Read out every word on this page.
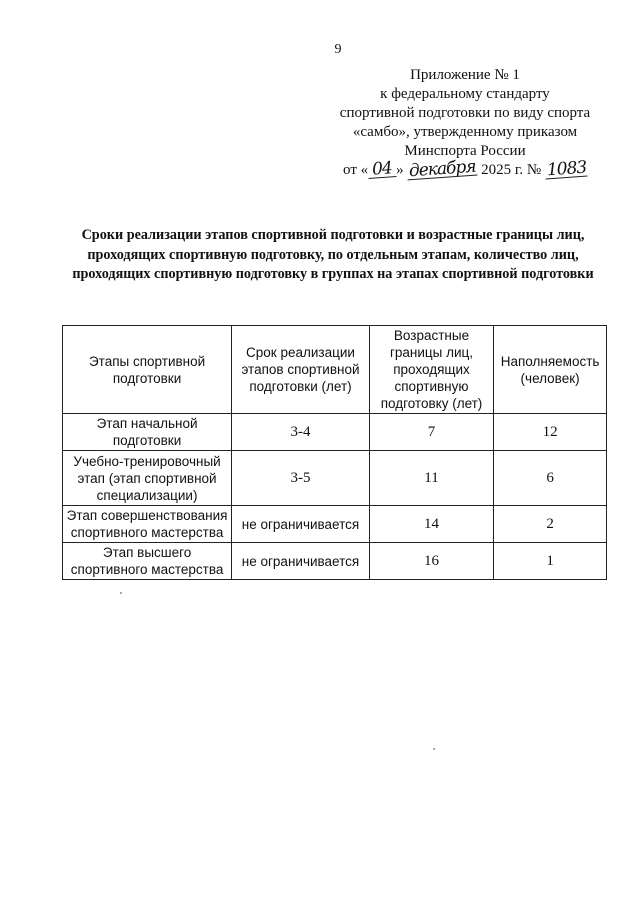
9
Приложение № 1
к федеральному стандарту
спортивной подготовки по виду спорта
«самбо», утвержденному приказом
Минспорта России
от « 04 » декабря 2025 г. № 1083
Сроки реализации этапов спортивной подготовки и возрастные границы лиц, проходящих спортивную подготовку, по отдельным этапам, количество лиц, проходящих спортивную подготовку в группах на этапах спортивной подготовки
Этапы спортивной подготовки	Срок реализации этапов спортивной подготовки (лет)	Возрастные границы лиц, проходящих спортивную подготовку (лет)	Наполняемость (человек)
Этап начальной подготовки	3-4	7	12
Учебно-тренировочный этап (этап спортивной специализации)	3-5	11	6
Этап совершенствования спортивного мастерства	не ограничивается	14	2
Этап высшего спортивного мастерства	не ограничивается	16	1
